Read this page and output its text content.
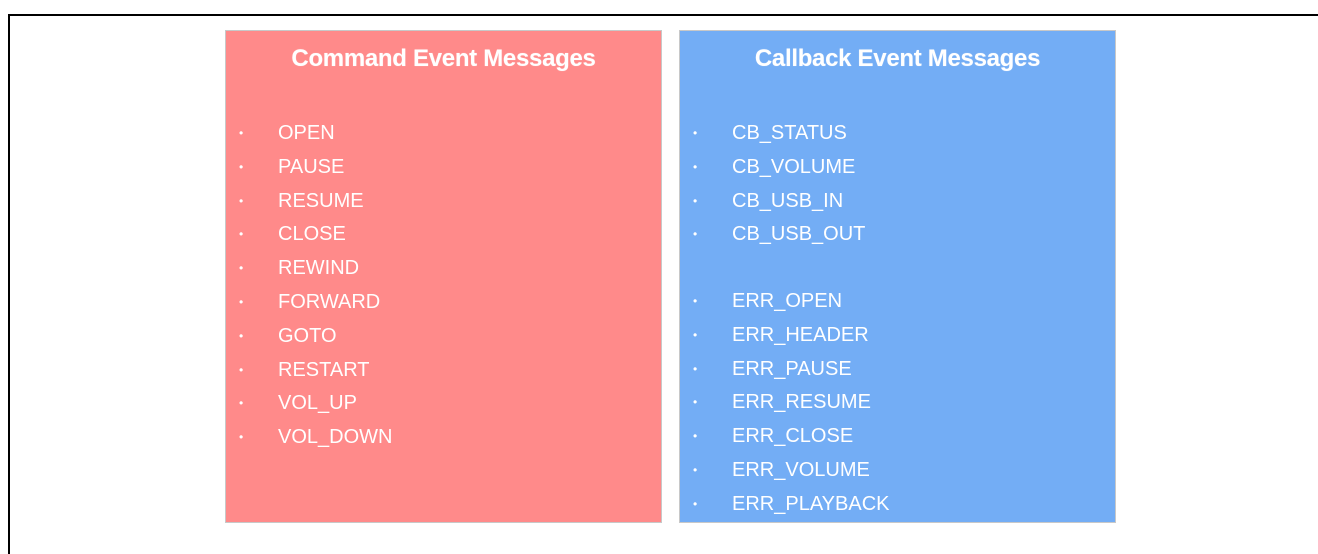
Command Event Messages
• OPEN
• PAUSE
• RESUME
• CLOSE
• REWIND
• FORWARD
• GOTO
• RESTART
• VOL_UP
• VOL_DOWN
Callback Event Messages
• CB_STATUS
• CB_VOLUME
• CB_USB_IN
• CB_USB_OUT
• ERR_OPEN
• ERR_HEADER
• ERR_PAUSE
• ERR_RESUME
• ERR_CLOSE
• ERR_VOLUME
• ERR_PLAYBACK
